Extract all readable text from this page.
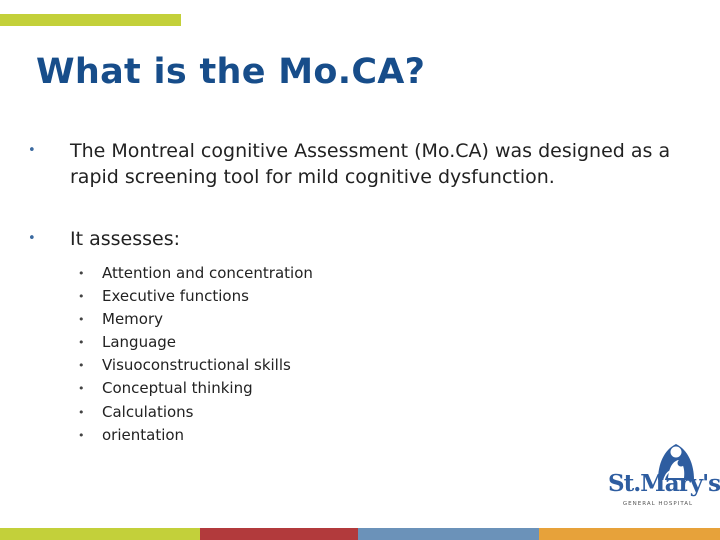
What is the Mo.CA?
• The Montreal cognitive Assessment (Mo.CA) was designed as a rapid screening tool for mild cognitive dysfunction.
• It assesses:
• Attention and concentration
• Executive functions
• Memory
• Language
• Visuoconstructional skills
• Conceptual thinking
• Calculations
• orientation
St.Mary's
GENERAL HOSPITAL
